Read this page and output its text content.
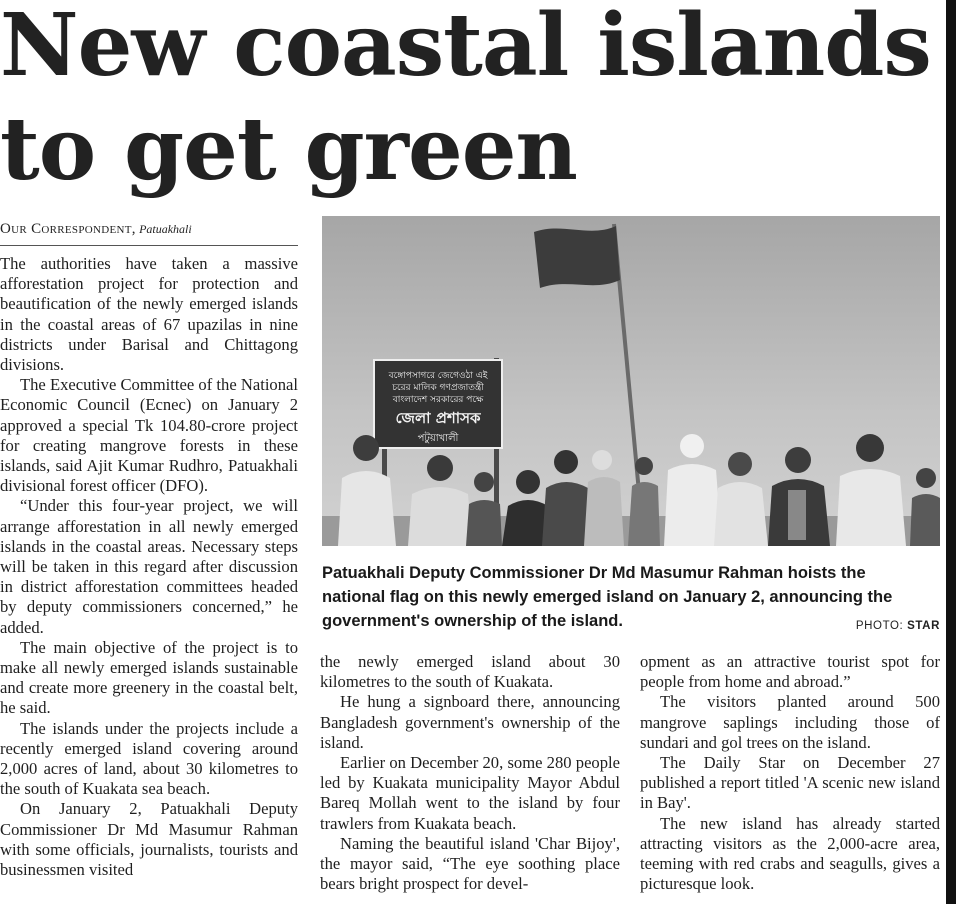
New coastal islands
to get green
Our Correspondent, Patuakhali

The authorities have taken a massive afforestation project for protection and beautification of the newly emerged islands in the coastal areas of 67 upazilas in nine districts under Barisal and Chittagong divisions.

The Executive Committee of the National Economic Council (Ecnec) on January 2 approved a special Tk 104.80-crore project for creating mangrove forests in these islands, said Ajit Kumar Rudhro, Patuakhali divisional forest officer (DFO).

“Under this four-year project, we will arrange afforestation in all newly emerged islands in the coastal areas. Necessary steps will be taken in this regard after discussion in district afforestation committees headed by deputy commissioners concerned,” he added.

The main objective of the project is to make all newly emerged islands sustainable and create more greenery in the coastal belt, he said.

The islands under the projects include a recently emerged island covering around 2,000 acres of land, about 30 kilometres to the south of Kuakata sea beach.

On January 2, Patuakhali Deputy Commissioner Dr Md Masumur Rahman with some officials, journalists, tourists and businessmen visited

বঙ্গোপসাগরে জেগেওঠা এই
চরের মালিক গণপ্রজাতন্ত্রী
বাংলাদেশ সরকারের পক্ষে
জেলা প্রশাসক
পটুয়াখালী
Patuakhali Deputy Commissioner Dr Md Masumur Rahman hoists the national flag on this newly emerged island on January 2, announcing the government's ownership of the island.	PHOTO: STAR

the newly emerged island about 30 kilometres to the south of Kuakata.

He hung a signboard there, announcing Bangladesh government's ownership of the island.

Earlier on December 20, some 280 people led by Kuakata municipality Mayor Abdul Bareq Mollah went to the island by four trawlers from Kuakata beach.

Naming the beautiful island 'Char Bijoy', the mayor said, “The eye soothing place bears bright prospect for devel-

opment as an attractive tourist spot for people from home and abroad.”

The visitors planted around 500 mangrove saplings including those of sundari and gol trees on the island.

The Daily Star on December 27 published a report titled 'A scenic new island in Bay'.

The new island has already started attracting visitors as the 2,000-acre area, teeming with red crabs and seagulls, gives a picturesque look.
